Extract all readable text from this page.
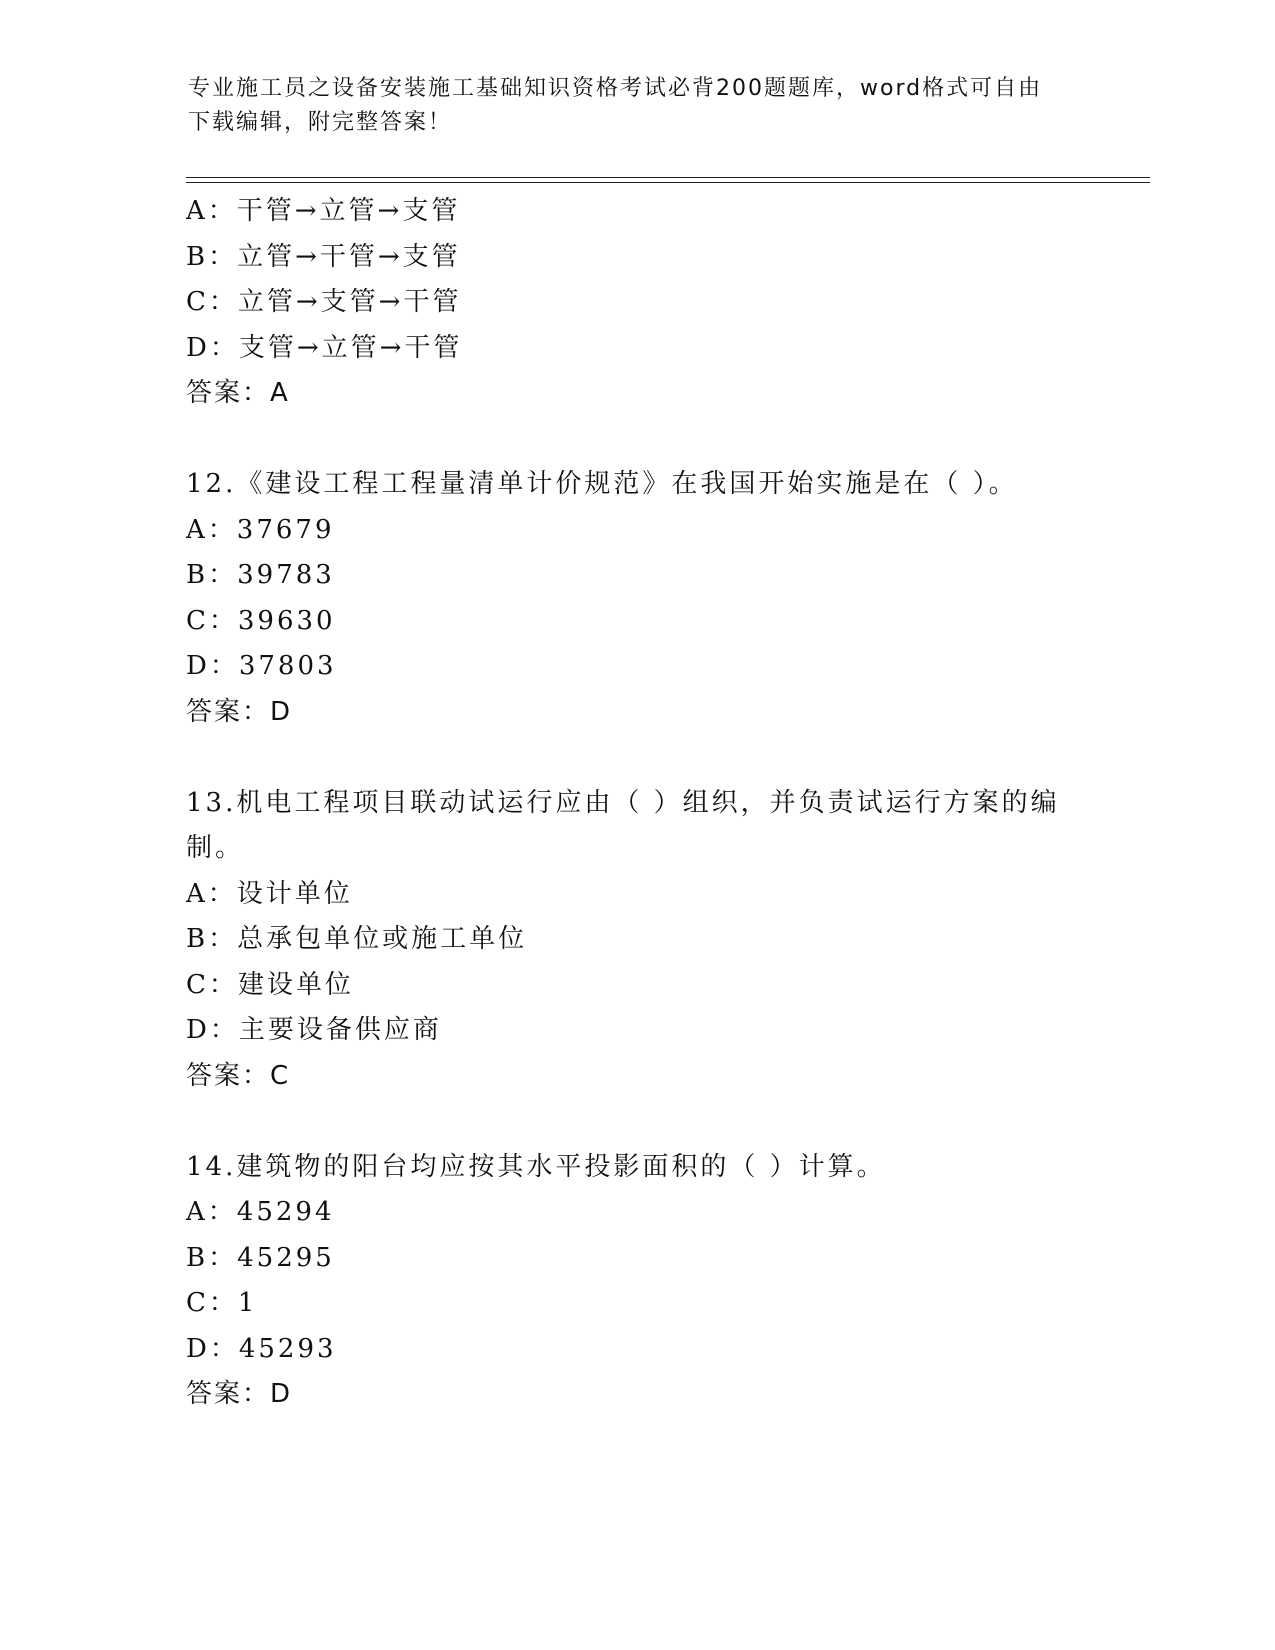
专业施工员之设备安装施工基础知识资格考试必背200题题库，word格式可自由
下载编辑，附完整答案！
A：干管→立管→支管
B：立管→干管→支管
C：立管→支管→干管
D：支管→立管→干管
答案：A
12.《建设工程工程量清单计价规范》在我国开始实施是在（ ）。
A：37679
B：39783
C：39630
D：37803
答案：D
13.机电工程项目联动试运行应由（ ）组织，并负责试运行方案的编制。
A：设计单位
B：总承包单位或施工单位
C：建设单位
D：主要设备供应商
答案：C
14.建筑物的阳台均应按其水平投影面积的（ ）计算。
A：45294
B：45295
C：1
D：45293
答案：D
